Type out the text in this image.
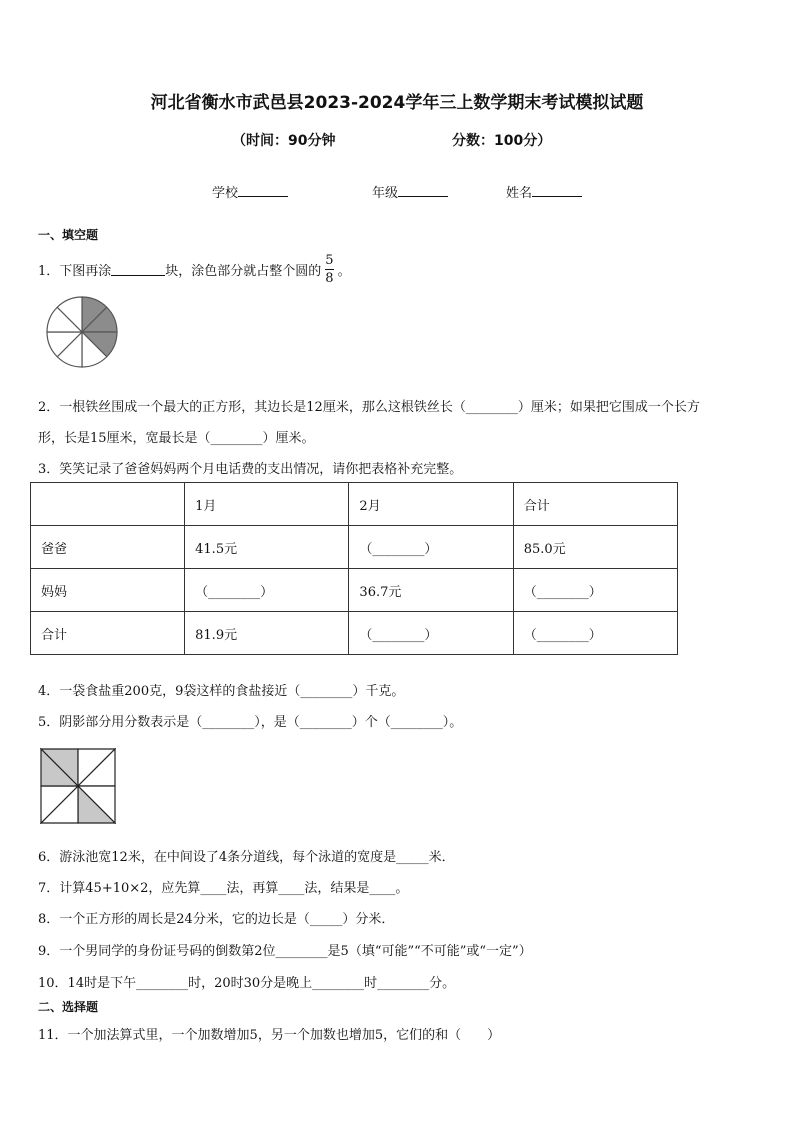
河北省衡水市武邑县2023-2024学年三上数学期末考试模拟试题
（时间：90分钟	分数：100分）
学校	年级	姓名
一、填空题
1．下图再涂	块，涂色部分就占整个圆的 $\frac{5}{8}$ 。
2．一根铁丝围成一个最大的正方形，其边长是12厘米，那么这根铁丝长（________）厘米；如果把它围成一个长方
形，长是15厘米，宽最长是（________）厘米。
3．笑笑记录了爸爸妈妈两个月电话费的支出情况，请你把表格补充完整。
	1月	2月	合计
爸爸	41.5元	（________）	85.0元
妈妈	（________）	36.7元	（________）
合计	81.9元	（________）	（________）
4．一袋食盐重200克，9袋这样的食盐接近（________）千克。
5．阴影部分用分数表示是（________），是（________）个（________）。
6．游泳池宽12米，在中间设了4条分道线，每个泳道的宽度是_____米．
7．计算45+10×2，应先算____法，再算____法，结果是____。
8．一个正方形的周长是24分米，它的边长是（_____）分米．
9．一个男同学的身份证号码的倒数第2位________是5（填“可能”“不可能”或“一定”）
10．14时是下午________时，20时30分是晚上________时________分。
二、选择题
11．一个加法算式里，一个加数增加5，另一个加数也增加5，它们的和（　　）
